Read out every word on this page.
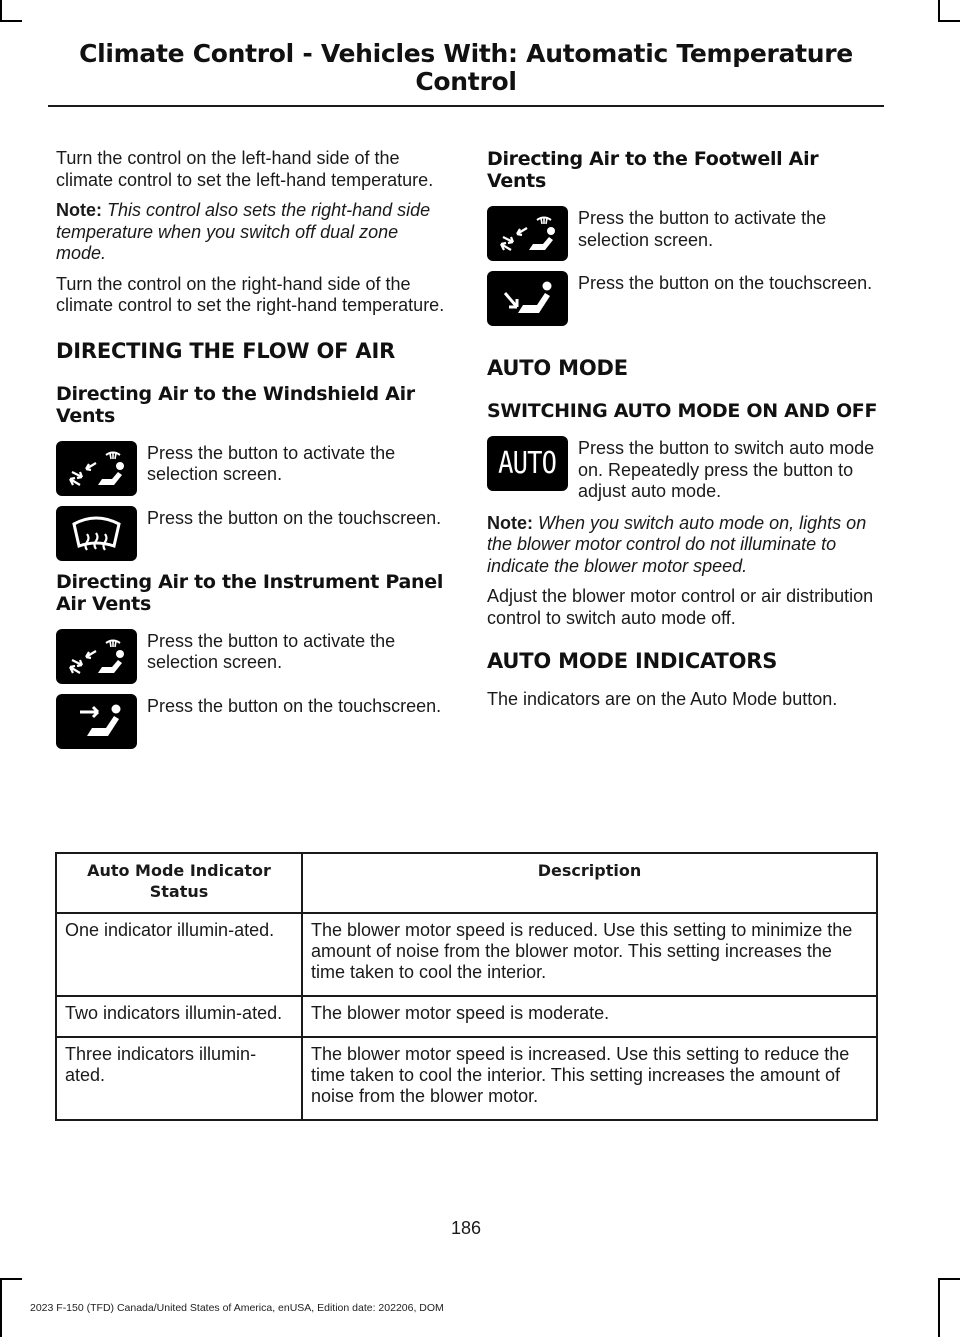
Climate Control - Vehicles With: Automatic Temperature Control

Turn the control on the left-hand side of the climate control to set the left-hand temperature.

Note: This control also sets the right-hand side temperature when you switch off dual zone mode.

Turn the control on the right-hand side of the climate control to set the right-hand temperature.

DIRECTING THE FLOW OF AIR
Directing Air to the Windshield Air Vents
Press the button to activate the selection screen.
Press the button on the touchscreen.
Directing Air to the Instrument Panel Air Vents
Press the button to activate the selection screen.
Press the button on the touchscreen.
Directing Air to the Footwell Air Vents
Press the button to activate the selection screen.
Press the button on the touchscreen.
AUTO MODE
SWITCHING AUTO MODE ON AND OFF
AUTO Press the button to switch auto mode on. Repeatedly press the button to adjust auto mode.

Note: When you switch auto mode on, lights on the blower motor control do not illuminate to indicate the blower motor speed.

Adjust the blower motor control or air distribution control to switch auto mode off.

AUTO MODE INDICATORS

The indicators are on the Auto Mode button.

Auto Mode Indicator Status	Description
One indicator illumin-ated.	The blower motor speed is reduced. Use this setting to minimize the amount of noise from the blower motor. This setting increases the time taken to cool the interior.
Two indicators illumin-ated.	The blower motor speed is moderate.
Three indicators illumin-ated.	The blower motor speed is increased. Use this setting to reduce the time taken to cool the interior. This setting increases the amount of noise from the blower motor.
186
2023 F-150 (TFD) Canada/United States of America, enUSA, Edition date: 202206, DOM
